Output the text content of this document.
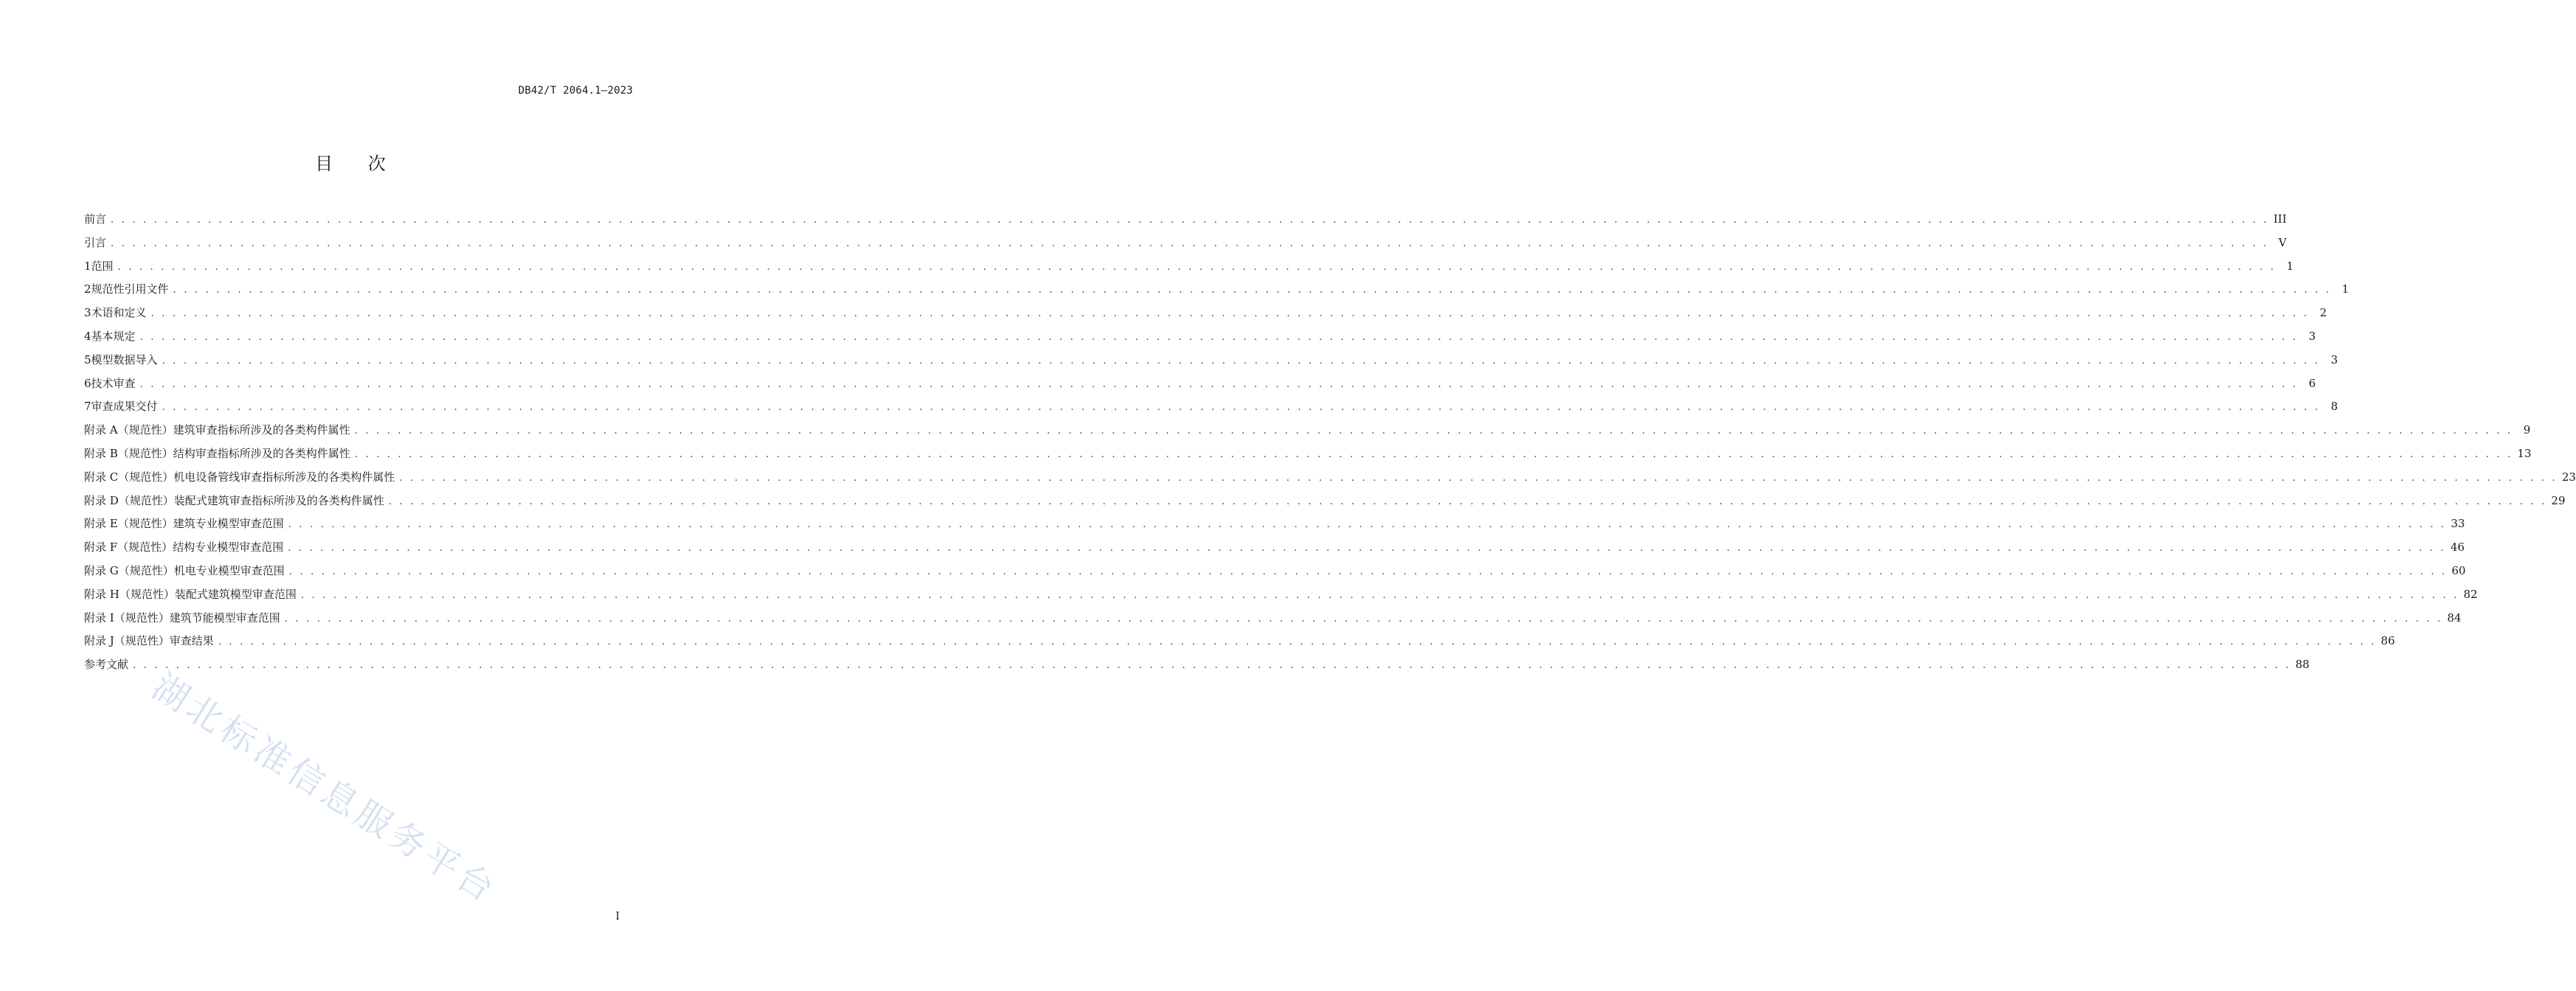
DB42/T 2064.1—2023
目 次
前言 . . . . . . . . . . . . . . . . . . . . . . . . . . . . . . . . . . . . . . . . . . . . . . . . . . . . . . . . . . . . . . . . . . . . . . . . . . . . . . . . . . . . . . . . . . . . . . . . . . . . . . . . . . . . . . . . . . . . . . . . . . . . . . . . . . . . . . . . . . . . . . . . . . . . . . . . . . . . . . . . . . . . . . . . . . . . . . . . . . . . . . . . . . . . . . . . . . . . . . . . III
引言 . . . . . . . . . . . . . . . . . . . . . . . . . . . . . . . . . . . . . . . . . . . . . . . . . . . . . . . . . . . . . . . . . . . . . . . . . . . . . . . . . . . . . . . . . . . . . . . . . . . . . . . . . . . . . . . . . . . . . . . . . . . . . . . . . . . . . . . . . . . . . . . . . . . . . . . . . . . . . . . . . . . . . . . . . . . . . . . . . . . . . . . . . . . . . . . . . . . . . . . . V
1 范围 . . . . . . . . . . . . . . . . . . . . . . . . . . . . . . . . . . . . . . . . . . . . . . . . . . . . . . . . . . . . . . . . . . . . . . . . . . . . . . . . . . . . . . . . . . . . . . . . . . . . . . . . . . . . . . . . . . . . . . . . . . . . . . . . . . . . . . . . . . . . . . . . . . . . . . . . . . . . . . . . . . . . . . . . . . . . . . . . . . . . . . . . . . . . . . . . . . . . . . . . 1
2 规范性引用文件 . . . . . . . . . . . . . . . . . . . . . . . . . . . . . . . . . . . . . . . . . . . . . . . . . . . . . . . . . . . . . . . . . . . . . . . . . . . . . . . . . . . . . . . . . . . . . . . . . . . . . . . . . . . . . . . . . . . . . . . . . . . . . . . . . . . . . . . . . . . . . . . . . . . . . . . . . . . . . . . . . . . . . . . . . . . . . . . . . . . . . . . . . . . . . . . . . . . . . . . . 1
3 术语和定义 . . . . . . . . . . . . . . . . . . . . . . . . . . . . . . . . . . . . . . . . . . . . . . . . . . . . . . . . . . . . . . . . . . . . . . . . . . . . . . . . . . . . . . . . . . . . . . . . . . . . . . . . . . . . . . . . . . . . . . . . . . . . . . . . . . . . . . . . . . . . . . . . . . . . . . . . . . . . . . . . . . . . . . . . . . . . . . . . . . . . . . . . . . . . . . . . . . . . . . . . 2
4 基本规定 . . . . . . . . . . . . . . . . . . . . . . . . . . . . . . . . . . . . . . . . . . . . . . . . . . . . . . . . . . . . . . . . . . . . . . . . . . . . . . . . . . . . . . . . . . . . . . . . . . . . . . . . . . . . . . . . . . . . . . . . . . . . . . . . . . . . . . . . . . . . . . . . . . . . . . . . . . . . . . . . . . . . . . . . . . . . . . . . . . . . . . . . . . . . . . . . . . . . . . . . 3
5 模型数据导入 . . . . . . . . . . . . . . . . . . . . . . . . . . . . . . . . . . . . . . . . . . . . . . . . . . . . . . . . . . . . . . . . . . . . . . . . . . . . . . . . . . . . . . . . . . . . . . . . . . . . . . . . . . . . . . . . . . . . . . . . . . . . . . . . . . . . . . . . . . . . . . . . . . . . . . . . . . . . . . . . . . . . . . . . . . . . . . . . . . . . . . . . . . . . . . . . . . . . . . . . 3
6 技术审查 . . . . . . . . . . . . . . . . . . . . . . . . . . . . . . . . . . . . . . . . . . . . . . . . . . . . . . . . . . . . . . . . . . . . . . . . . . . . . . . . . . . . . . . . . . . . . . . . . . . . . . . . . . . . . . . . . . . . . . . . . . . . . . . . . . . . . . . . . . . . . . . . . . . . . . . . . . . . . . . . . . . . . . . . . . . . . . . . . . . . . . . . . . . . . . . . . . . . . . . . 6
7 审查成果交付 . . . . . . . . . . . . . . . . . . . . . . . . . . . . . . . . . . . . . . . . . . . . . . . . . . . . . . . . . . . . . . . . . . . . . . . . . . . . . . . . . . . . . . . . . . . . . . . . . . . . . . . . . . . . . . . . . . . . . . . . . . . . . . . . . . . . . . . . . . . . . . . . . . . . . . . . . . . . . . . . . . . . . . . . . . . . . . . . . . . . . . . . . . . . . . . . . . . . . . . . 8
附录 A（规范性） 建筑审查指标所涉及的各类构件属性 . . . . . . . . . . . . . . . . . . . . . . . . . . . . . . . . . . . . . . . . . . . . . . . . . . . . . . . . . . . . . . . . . . . . . . . . . . . . . . . . . . . . . . . . . . . . . . . . . . . . . . . . . . . . . . . . . . . . . . . . . . . . . . . . . . . . . . . . . . . . . . . . . . . . . . . . . . . . . . . . . . . . . . . . . . . . . . . . . . . . . . . . . . . . . . . . . . . . . . . . 9
附录 B（规范性） 结构审查指标所涉及的各类构件属性 . . . . . . . . . . . . . . . . . . . . . . . . . . . . . . . . . . . . . . . . . . . . . . . . . . . . . . . . . . . . . . . . . . . . . . . . . . . . . . . . . . . . . . . . . . . . . . . . . . . . . . . . . . . . . . . . . . . . . . . . . . . . . . . . . . . . . . . . . . . . . . . . . . . . . . . . . . . . . . . . . . . . . . . . . . . . . . . . . . . . . . . . . . . . . . . . . . . . . . . . 13
附录 C（规范性） 机电设备管线审查指标所涉及的各类构件属性 . . . . . . . . . . . . . . . . . . . . . . . . . . . . . . . . . . . . . . . . . . . . . . . . . . . . . . . . . . . . . . . . . . . . . . . . . . . . . . . . . . . . . . . . . . . . . . . . . . . . . . . . . . . . . . . . . . . . . . . . . . . . . . . . . . . . . . . . . . . . . . . . . . . . . . . . . . . . . . . . . . . . . . . . . . . . . . . . . . . . . . . . . . . . . . . . . . . . . . . . 23
附录 D（规范性） 装配式建筑审查指标所涉及的各类构件属性 . . . . . . . . . . . . . . . . . . . . . . . . . . . . . . . . . . . . . . . . . . . . . . . . . . . . . . . . . . . . . . . . . . . . . . . . . . . . . . . . . . . . . . . . . . . . . . . . . . . . . . . . . . . . . . . . . . . . . . . . . . . . . . . . . . . . . . . . . . . . . . . . . . . . . . . . . . . . . . . . . . . . . . . . . . . . . . . . . . . . . . . . . . . . . . . . . . . . . . . . 29
附录 E（规范性） 建筑专业模型审查范围 . . . . . . . . . . . . . . . . . . . . . . . . . . . . . . . . . . . . . . . . . . . . . . . . . . . . . . . . . . . . . . . . . . . . . . . . . . . . . . . . . . . . . . . . . . . . . . . . . . . . . . . . . . . . . . . . . . . . . . . . . . . . . . . . . . . . . . . . . . . . . . . . . . . . . . . . . . . . . . . . . . . . . . . . . . . . . . . . . . . . . . . . . . . . . . . . . . . . . . . . 33
附录 F（规范性） 结构专业模型审查范围 . . . . . . . . . . . . . . . . . . . . . . . . . . . . . . . . . . . . . . . . . . . . . . . . . . . . . . . . . . . . . . . . . . . . . . . . . . . . . . . . . . . . . . . . . . . . . . . . . . . . . . . . . . . . . . . . . . . . . . . . . . . . . . . . . . . . . . . . . . . . . . . . . . . . . . . . . . . . . . . . . . . . . . . . . . . . . . . . . . . . . . . . . . . . . . . . . . . . . . . . 46
附录 G（规范性） 机电专业模型审查范围 . . . . . . . . . . . . . . . . . . . . . . . . . . . . . . . . . . . . . . . . . . . . . . . . . . . . . . . . . . . . . . . . . . . . . . . . . . . . . . . . . . . . . . . . . . . . . . . . . . . . . . . . . . . . . . . . . . . . . . . . . . . . . . . . . . . . . . . . . . . . . . . . . . . . . . . . . . . . . . . . . . . . . . . . . . . . . . . . . . . . . . . . . . . . . . . . . . . . . . . . 60
附录 H（规范性） 装配式建筑模型审查范围 . . . . . . . . . . . . . . . . . . . . . . . . . . . . . . . . . . . . . . . . . . . . . . . . . . . . . . . . . . . . . . . . . . . . . . . . . . . . . . . . . . . . . . . . . . . . . . . . . . . . . . . . . . . . . . . . . . . . . . . . . . . . . . . . . . . . . . . . . . . . . . . . . . . . . . . . . . . . . . . . . . . . . . . . . . . . . . . . . . . . . . . . . . . . . . . . . . . . . . . . 82
附录 I（规范性） 建筑节能模型审查范围 . . . . . . . . . . . . . . . . . . . . . . . . . . . . . . . . . . . . . . . . . . . . . . . . . . . . . . . . . . . . . . . . . . . . . . . . . . . . . . . . . . . . . . . . . . . . . . . . . . . . . . . . . . . . . . . . . . . . . . . . . . . . . . . . . . . . . . . . . . . . . . . . . . . . . . . . . . . . . . . . . . . . . . . . . . . . . . . . . . . . . . . . . . . . . . . . . . . . . . . . 84
附录 J（规范性） 审查结果 . . . . . . . . . . . . . . . . . . . . . . . . . . . . . . . . . . . . . . . . . . . . . . . . . . . . . . . . . . . . . . . . . . . . . . . . . . . . . . . . . . . . . . . . . . . . . . . . . . . . . . . . . . . . . . . . . . . . . . . . . . . . . . . . . . . . . . . . . . . . . . . . . . . . . . . . . . . . . . . . . . . . . . . . . . . . . . . . . . . . . . . . . . . . . . . . . . . . . . . . 86
参考文献 . . . . . . . . . . . . . . . . . . . . . . . . . . . . . . . . . . . . . . . . . . . . . . . . . . . . . . . . . . . . . . . . . . . . . . . . . . . . . . . . . . . . . . . . . . . . . . . . . . . . . . . . . . . . . . . . . . . . . . . . . . . . . . . . . . . . . . . . . . . . . . . . . . . . . . . . . . . . . . . . . . . . . . . . . . . . . . . . . . . . . . . . . . . . . . . . . . . . . . . . 88
湖北标准信息服务平台
I
